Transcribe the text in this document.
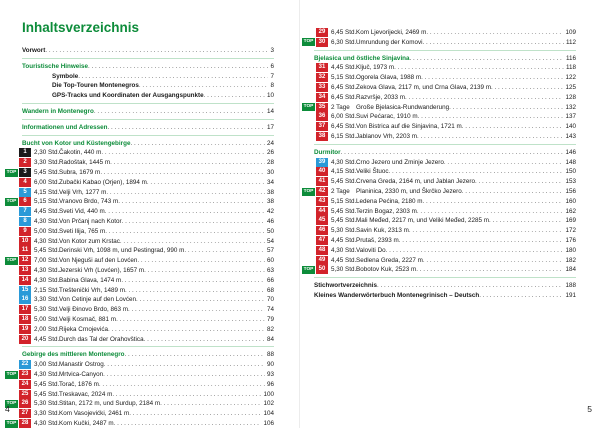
Inhaltsverzeichnis
Vorwort . . .	3
Touristische Hinweise . . .	6
Symbole . . .	7
Die Top-Touren Montenegros . . .	8
GPS-Tracks und Koordinaten der Ausgangspunkte . . .	10
Wandern in Montenegro . . .	14
Informationen und Adressen . . .	17
Bucht von Kotor und Küstengebirge . . .	24
1	2,30 Std. Čakotin, 440 m . . .	26
2	3,30 Std. Radoštak, 1445 m . . .	28
TOP	3	5,45 Std. Subra, 1679 m . . .	30
4	6,00 Std. Zubački Kabao (Orjen), 1894 m . . .	34
5	4,15 Std. Velji Vrh, 1277 m . . .	38
TOP	6	5,15 Std. Vranovo Brdo, 743 m . . .	38
7	4,45 Std. Sveti Vid, 440 m . . .	42
8	4,30 Std. Von Prčanj nach Kotor . . .	46
9	5,00 Std. Sveti Ilija, 765 m . . .	50
10 4,30 Std. Von Kotor zum Krstac . . .	54
11 5,45 Std. Derinski Vrh, 1098 m, und Pestingrad, 990 m . . .	57
TOP 12 7,00 Std. Von Njeguši auf den Lovćen . . .	60
13 4,30 Std. Jezerski Vrh (Lovćen), 1657 m . . .	63
14 4,30 Std. Babina Glava, 1474 m . . .	66
15 2,15 Std. Treštenički Vrh, 1489 m . . .	68
16 3,30 Std. Von Cetinje auf den Lovćen . . .	70
17 5,30 Std. Velji Đinovo Brdo, 863 m . . .	74
18 5,00 Std. Velji Kosmač, 881 m . . .	79
19 2,00 Std. Rijeka Crnojevića . . .	82
20 4,45 Std. Durch das Tal der Orahovštica . . .	84
Gebirge des mittleren Montenegro . . .	88
22 3,00 Std. Manastir Ostrog . . .	90
TOP 23 4,30 Std. Mrtvica-Canyon . . .	93
24 5,45 Std. Torač, 1876 m . . .	96
25 5,45 Std. Treskavac, 2024 m . . .	100
TOP 26 5,30 Std. Stitan, 2172 m, und Surdup, 2184 m . . .	102
27 3,30 Std. Kom Vasojevićki, 2461 m . . .	104
TOP 28 4,30 Std. Kom Kučki, 2487 m . . .	106
4
29 6,45 Std. Kom Ljevorijecki, 2469 m . . .	109
TOP 30 6,30 Std. Umrundung der Komovi . . .	112
Bjelasica und östliche Sinjavina . . .	116
31 4,45 Std. Ključ, 1973 m . . .	118
32 5,15 Std. Ogorela Glava, 1988 m . . .	122
33 6,45 Std. Zekova Glava, 2117 m, und Crna Glava, 2139 m . . .	125
34 6,45 Std. Razvršje, 2033 m . . .	128
TOP 35 2 Tage Große Bjelasica-Rundwanderung . . .	132
36 6,00 Std. Suvi Pećarac, 1910 m . . .	137
37 6,45 Std. Von Bistrica auf die Sinjavina, 1721 m . . .	140
38 6,15 Std. Jablanov Vrh, 2203 m . . .	143
Durmitor . . .	146
39 4,30 Std. Crno Jezero und Zminje Jezero . . .	148
40 4,15 Std. Veliki Štuoc . . .	150
41 5,45 Std. Crvena Greda, 2164 m, und Jablan Jezero . . .	153
TOP 42 2 Tage Planinica, 2330 m, und Škrčko Jezero . . .	156
43 5,15 Std. Ledena Pećina, 2180 m . . .	160
44 5,45 Std. Terzin Bogaz, 2303 m . . .	162
45 5,45 Std. Mali Međed, 2217 m, und Veliki Međed, 2285 m . . .	169
46 5,30 Std. Savin Kuk, 2313 m . . .	172
47 4,45 Std. Prutaš, 2393 m . . .	176
48 4,30 Std. Valoviti Do . . .	180
49 4,45 Std. Sedlena Greda, 2227 m . . .	182
TOP 50 5,30 Std. Bobotov Kuk, 2523 m . . .	184
Stichwortverzeichnis . . .	188
Kleines Wanderwörterbuch Montenegrinisch – Deutsch . . .	191
5
